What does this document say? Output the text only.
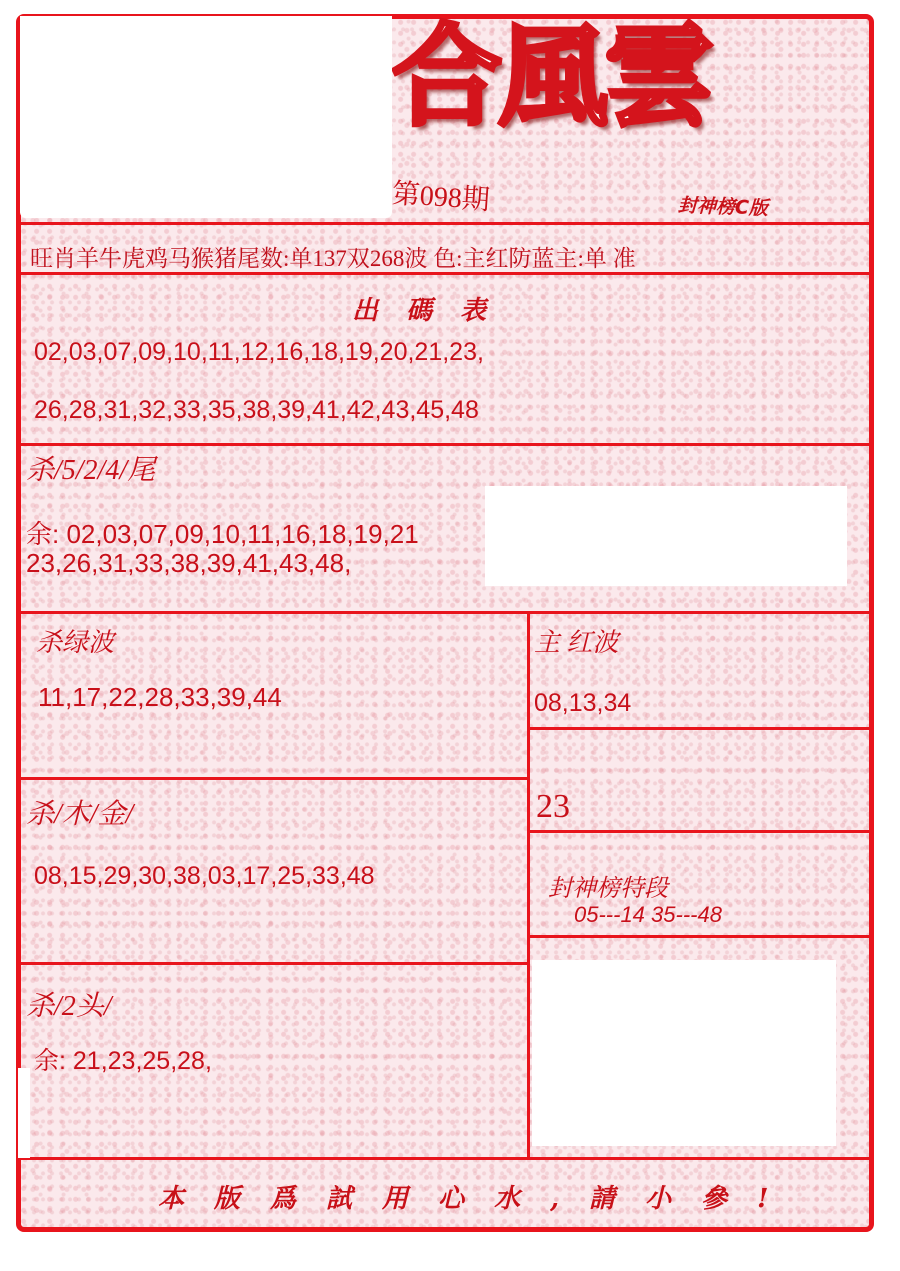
合風雲
第098期	封神榜C版
旺肖羊牛虎鸡马猴猪尾数:单137双268波 色:主红防蓝主:单 准
出碼表
02,03,07,09,10,11,12,16,18,19,20,21,23,
26,28,31,32,33,35,38,39,41,42,43,45,48
杀/5/2/4/尾
余: 02,03,07,09,10,11,16,18,19,21
23,26,31,33,38,39,41,43,48,
杀绿波
11,17,22,28,33,39,44
主 红波
08,13,34
23
杀/木/金/
08,15,29,30,38,03,17,25,33,48	封神榜特段
05---14 35---48
杀/2头/
余: 21,23,25,28,
本版爲試用心水,請小參!
